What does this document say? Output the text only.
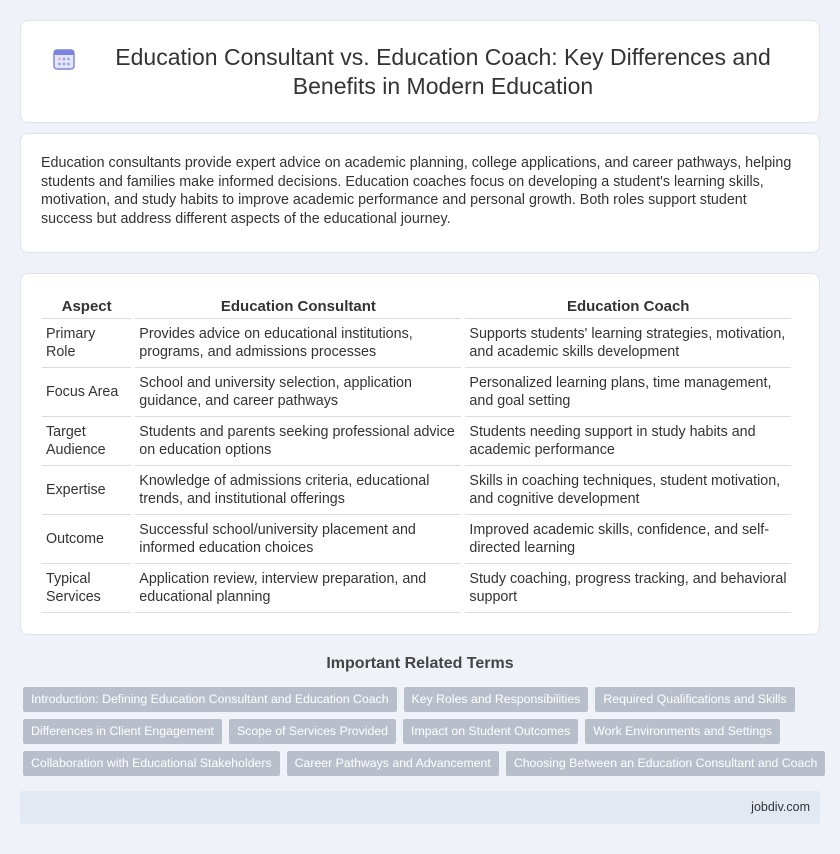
Education Consultant vs. Education Coach: Key Differences and Benefits in Modern Education

Education consultants provide expert advice on academic planning, college applications, and career pathways, helping students and families make informed decisions. Education coaches focus on developing a student's learning skills, motivation, and study habits to improve academic performance and personal growth. Both roles support student success but address different aspects of the educational journey.

Aspect	Education Consultant	Education Coach
Primary Role	Provides advice on educational institutions, programs, and admissions processes	Supports students' learning strategies, motivation, and academic skills development
Focus Area	School and university selection, application guidance, and career pathways	Personalized learning plans, time management, and goal setting
Target Audience	Students and parents seeking professional advice on education options	Students needing support in study habits and academic performance
Expertise	Knowledge of admissions criteria, educational trends, and institutional offerings	Skills in coaching techniques, student motivation, and cognitive development
Outcome	Successful school/university placement and informed education choices	Improved academic skills, confidence, and self-directed learning
Typical Services	Application review, interview preparation, and educational planning	Study coaching, progress tracking, and behavioral support
Important Related Terms
Introduction: Defining Education Consultant and Education Coach	Key Roles and Responsibilities	Required Qualifications and Skills
Differences in Client Engagement	Scope of Services Provided	Impact on Student Outcomes	Work Environments and Settings
Collaboration with Educational Stakeholders	Career Pathways and Advancement	Choosing Between an Education Consultant and Coach
jobdiv.com
